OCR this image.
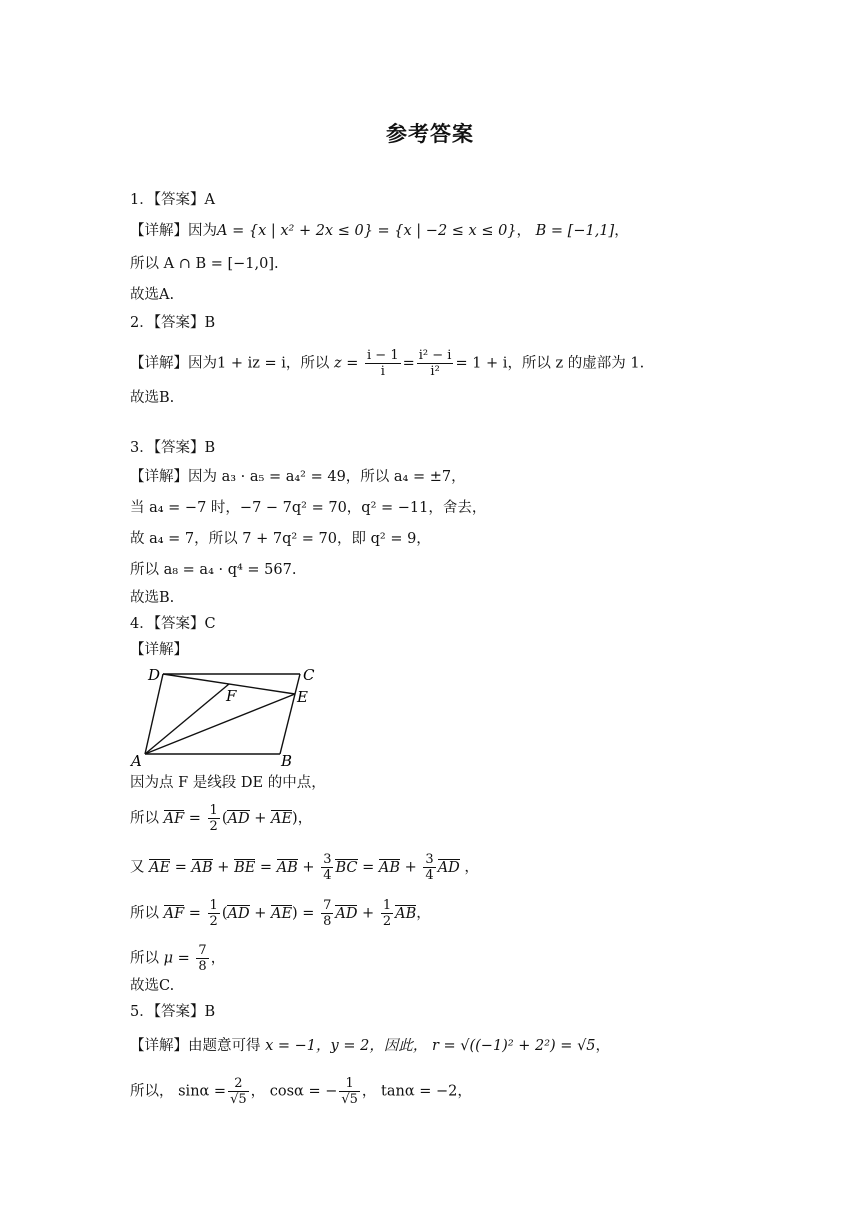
参考答案
1．【答案】A
【详解】因为A = {x | x² + 2x ≤ 0} = {x | −2 ≤ x ≤ 0}， B = [−1,1]，
所以 A ∩ B = [−1,0].
故选A.
2．【答案】B
【详解】因为1 + iz = i，所以 $z = \frac{i - 1}{i} = \frac{\text{i² − i}}{\text{i²}} = 1 + i$，所以 z 的虚部为 1.
故选B.
3．【答案】B
【详解】因为 a₃ · a₅ = a₄² = 49，所以 a₄ = ±7，
当 a₄ = −7 时，−7 − 7q² = 70，q² = −11，舍去，
故 a₄ = 7，所以 7 + 7q² = 70，即 q² = 9，
所以 a₈ = a₄ · q⁴ = 567.
故选B.
4．【答案】C
【详解】
D	C
F	E
A	B
因为点 F 是线段 DE 的中点，
所以 AF = $\frac{1}{2} (AD + AE)$，
又 AE = AB + BE = AB + $\frac{3}{4}$ BC = AB + $\frac{3}{4}$ AD ，
所以 AF = $\frac{1}{2} (AD + AE) = \frac{7}{8}$ AD + $\frac{1}{2}$ AB，
所以 $\mu = \frac{7}{8}$ ，
故选C.
5．【答案】B
【详解】由题意可得 x = −1，y = 2，因此， r = √((−1)² + 2²) = √5，
所以， $\sin\alpha = \frac{2}{√5}$ ， cosα = − $\frac{1}{√5}$ ， tanα = −2，
